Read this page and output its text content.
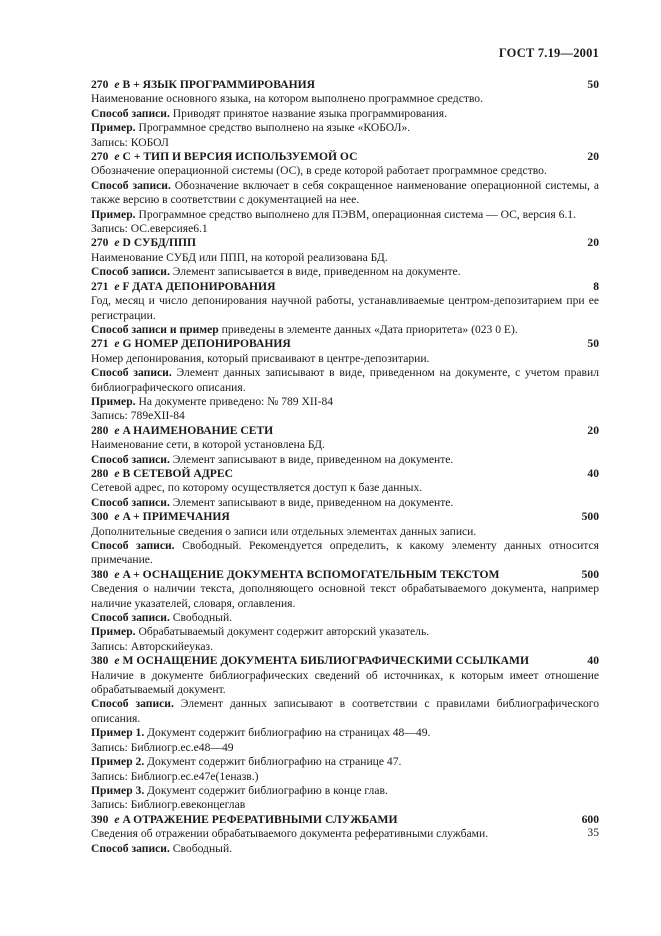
ГОСТ 7.19—2001
270 e B + ЯЗЫК ПРОГРАММИРОВАНИЯ	50
Наименование основного языка, на котором выполнено программное средство.
Способ записи. Приводят принятое название языка программирования.
Пример. Программное средство выполнено на языке «КОБОЛ».
Запись: КОБОЛ
270 e C + ТИП И ВЕРСИЯ ИСПОЛЬЗУЕМОЙ ОС	20
Обозначение операционной системы (ОС), в среде которой работает программное средство.
Способ записи. Обозначение включает в себя сокращенное наименование операционной системы, а также версию в соответствии с документацией на нее.
Пример. Программное средство выполнено для ПЭВМ, операционная система — ОС, версия 6.1.
Запись: ОС.eверсияe6.1
270 e D СУБД/ППП	20
Наименование СУБД или ППП, на которой реализована БД.
Способ записи. Элемент записывается в виде, приведенном на документе.
271 e F ДАТА ДЕПОНИРОВАНИЯ	8
Год, месяц и число депонирования научной работы, устанавливаемые центром-депозитарием при ее регистрации.
Способ записи и пример приведены в элементе данных «Дата приоритета» (023 0 E).
271 e G НОМЕР ДЕПОНИРОВАНИЯ	50
Номер депонирования, который присваивают в центре-депозитарии.
Способ записи. Элемент данных записывают в виде, приведенном на документе, с учетом правил библиографического описания.
Пример. На документе приведено: № 789 XII-84
Запись: 789eXII-84
280 e A НАИМЕНОВАНИЕ СЕТИ	20
Наименование сети, в которой установлена БД.
Способ записи. Элемент записывают в виде, приведенном на документе.
280 e B СЕТЕВОЙ АДРЕС	40
Сетевой адрес, по которому осуществляется доступ к базе данных.
Способ записи. Элемент записывают в виде, приведенном на документе.
300 e A + ПРИМЕЧАНИЯ	500
Дополнительные сведения о записи или отдельных элементах данных записи.
Способ записи. Свободный. Рекомендуется определить, к какому элементу данных относится примечание.
380 e A + ОСНАЩЕНИЕ ДОКУМЕНТА ВСПОМОГАТЕЛЬНЫМ ТЕКСТОМ	500
Сведения о наличии текста, дополняющего основной текст обрабатываемого документа, например наличие указателей, словаря, оглавления.
Способ записи. Свободный.
Пример. Обрабатываемый документ содержит авторский указатель.
Запись: Авторскийeуказ.
380 e M ОСНАЩЕНИЕ ДОКУМЕНТА БИБЛИОГРАФИЧЕСКИМИ ССЫЛКАМИ	40
Наличие в документе библиографических сведений об источниках, к которым имеет отношение обрабатываемый документ.
Способ записи. Элемент данных записывают в соответствии с правилами библиографического описания.
Пример 1. Документ содержит библиографию на страницах 48—49.
Запись: Библиогр.eс.e48—49
Пример 2. Документ содержит библиографию на странице 47.
Запись: Библиогр.eс.e47e(1eназв.)
Пример 3. Документ содержит библиографию в конце глав.
Запись: Библиогр.eвeконцeглав
390 e A ОТРАЖЕНИЕ РЕФЕРАТИВНЫМИ СЛУЖБАМИ	600
Сведения об отражении обрабатываемого документа реферативными службами.
Способ записи. Свободный.
35
